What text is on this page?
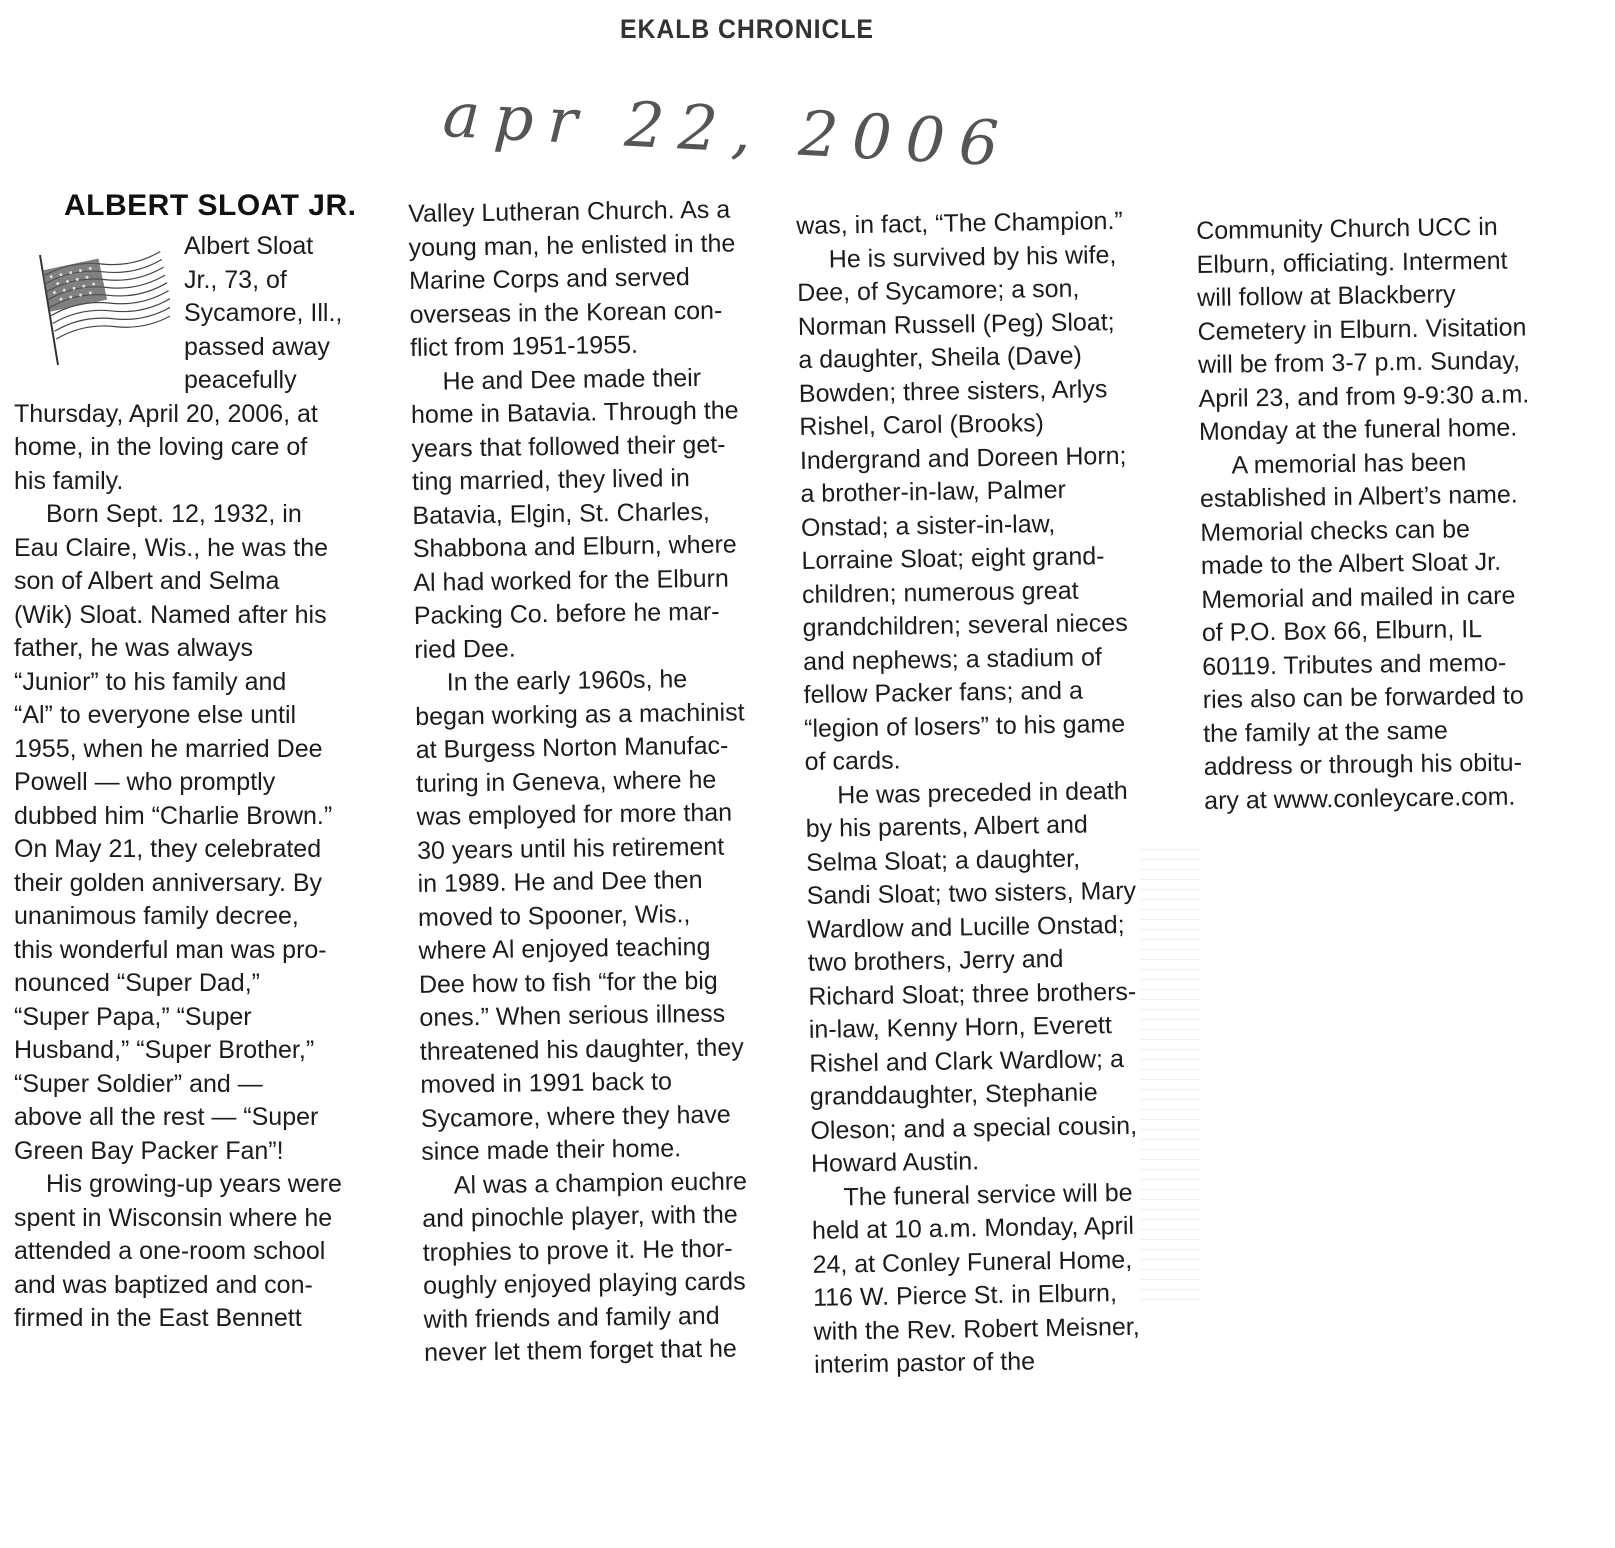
EKALB CHRONICLE
apr 22, 2006
ALBERT SLOAT JR.

Albert Sloat
Jr., 73, of
Sycamore, Ill.,
passed away
peacefully

Thursday, April 20, 2006, at
home, in the loving care of
his family.

Born Sept. 12, 1932, in
Eau Claire, Wis., he was the
son of Albert and Selma
(Wik) Sloat. Named after his
father, he was always
“Junior” to his family and
“Al” to everyone else until
1955, when he married Dee
Powell — who promptly
dubbed him “Charlie Brown.”
On May 21, they celebrated
their golden anniversary. By
unanimous family decree,
this wonderful man was pro-
nounced “Super Dad,”
“Super Papa,” “Super
Husband,” “Super Brother,”
“Super Soldier” and —
above all the rest — “Super
Green Bay Packer Fan”!

His growing-up years were
spent in Wisconsin where he
attended a one-room school
and was baptized and con-
firmed in the East Bennett

Valley Lutheran Church. As a
young man, he enlisted in the
Marine Corps and served
overseas in the Korean con-
flict from 1951-1955.

He and Dee made their
home in Batavia. Through the
years that followed their get-
ting married, they lived in
Batavia, Elgin, St. Charles,
Shabbona and Elburn, where
Al had worked for the Elburn
Packing Co. before he mar-
ried Dee.

In the early 1960s, he
began working as a machinist
at Burgess Norton Manufac-
turing in Geneva, where he
was employed for more than
30 years until his retirement
in 1989. He and Dee then
moved to Spooner, Wis.,
where Al enjoyed teaching
Dee how to fish “for the big
ones.” When serious illness
threatened his daughter, they
moved in 1991 back to
Sycamore, where they have
since made their home.

Al was a champion euchre
and pinochle player, with the
trophies to prove it. He thor-
oughly enjoyed playing cards
with friends and family and
never let them forget that he

was, in fact, “The Champion.”

He is survived by his wife,
Dee, of Sycamore; a son,
Norman Russell (Peg) Sloat;
a daughter, Sheila (Dave)
Bowden; three sisters, Arlys
Rishel, Carol (Brooks)
Indergrand and Doreen Horn;
a brother-in-law, Palmer
Onstad; a sister-in-law,
Lorraine Sloat; eight grand-
children; numerous great
grandchildren; several nieces
and nephews; a stadium of
fellow Packer fans; and a
“legion of losers” to his game
of cards.

He was preceded in death
by his parents, Albert and
Selma Sloat; a daughter,
Sandi Sloat; two sisters, Mary
Wardlow and Lucille Onstad;
two brothers, Jerry and
Richard Sloat; three brothers-
in-law, Kenny Horn, Everett
Rishel and Clark Wardlow; a
granddaughter, Stephanie
Oleson; and a special cousin,
Howard Austin.

The funeral service will be
held at 10 a.m. Monday, April
24, at Conley Funeral Home,
116 W. Pierce St. in Elburn,
with the Rev. Robert Meisner,
interim pastor of the

Community Church UCC in
Elburn, officiating. Interment
will follow at Blackberry
Cemetery in Elburn. Visitation
will be from 3-7 p.m. Sunday,
April 23, and from 9-9:30 a.m.
Monday at the funeral home.

A memorial has been
established in Albert’s name.
Memorial checks can be
made to the Albert Sloat Jr.
Memorial and mailed in care
of P.O. Box 66, Elburn, IL
60119. Tributes and memo-
ries also can be forwarded to
the family at the same
address or through his obitu-
ary at www.conleycare.com.
